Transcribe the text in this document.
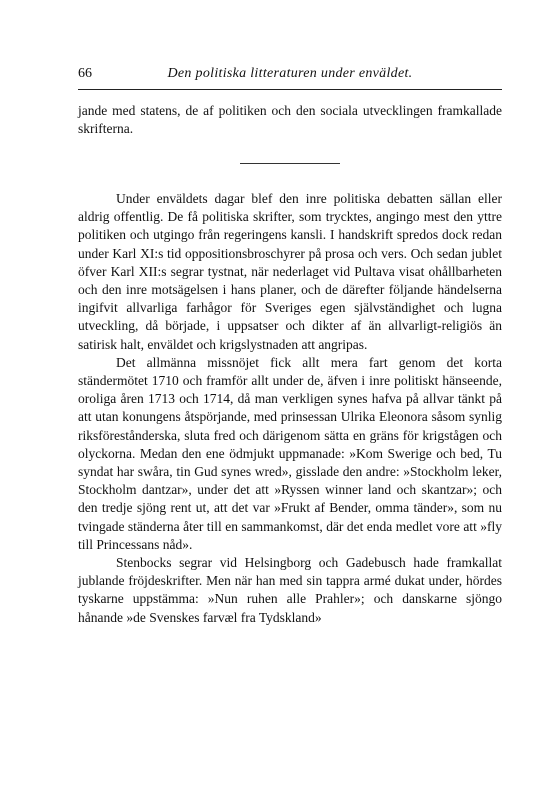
66	Den politiska litteraturen under enväldet.

jande med statens, de af politiken och den sociala utvecklingen framkallade skrifterna.

Under enväldets dagar blef den inre politiska debatten sällan eller aldrig offentlig. De få politiska skrifter, som trycktes, angingo mest den yttre politiken och utgingo från regeringens kansli. I handskrift spredos dock redan under Karl XI:s tid oppositionsbroschyrer på prosa och vers. Och sedan jublet öfver Karl XII:s segrar tystnat, när nederlaget vid Pultava visat ohållbarheten och den inre motsägelsen i hans planer, och de därefter följande händelserna ingifvit allvarliga farhågor för Sveriges egen självständighet och lugna utveckling, då började, i uppsatser och dikter af än allvarligt-religiös än satirisk halt, enväldet och krigslystnaden att angripas.

Det allmänna missnöjet fick allt mera fart genom det korta ständermötet 1710 och framför allt under de, äfven i inre politiskt hänseende, oroliga åren 1713 och 1714, då man verkligen synes hafva på allvar tänkt på att utan konungens åtspörjande, med prinsessan Ulrika Eleonora såsom synlig riksförestånderska, sluta fred och därigenom sätta en gräns för krigstågen och olyckorna. Medan den ene ödmjukt uppmanade: »Kom Swerige och bed, Tu syndat har swåra, tin Gud synes wred», gisslade den andre: »Stockholm leker, Stockholm dantzar», under det att »Ryssen winner land och skantzar»; och den tredje sjöng rent ut, att det var »Frukt af Bender, omma tänder», som nu tvingade ständerna åter till en sammankomst, där det enda medlet vore att »fly till Princessans nåd».

Stenbocks segrar vid Helsingborg och Gadebusch hade framkallat jublande fröjdeskrifter. Men när han med sin tappra armé dukat under, hördes tyskarne uppstämma: »Nun ruhen alle Prahler»; och danskarne sjöngo hånande »de Svenskes farvæl fra Tydskland»
